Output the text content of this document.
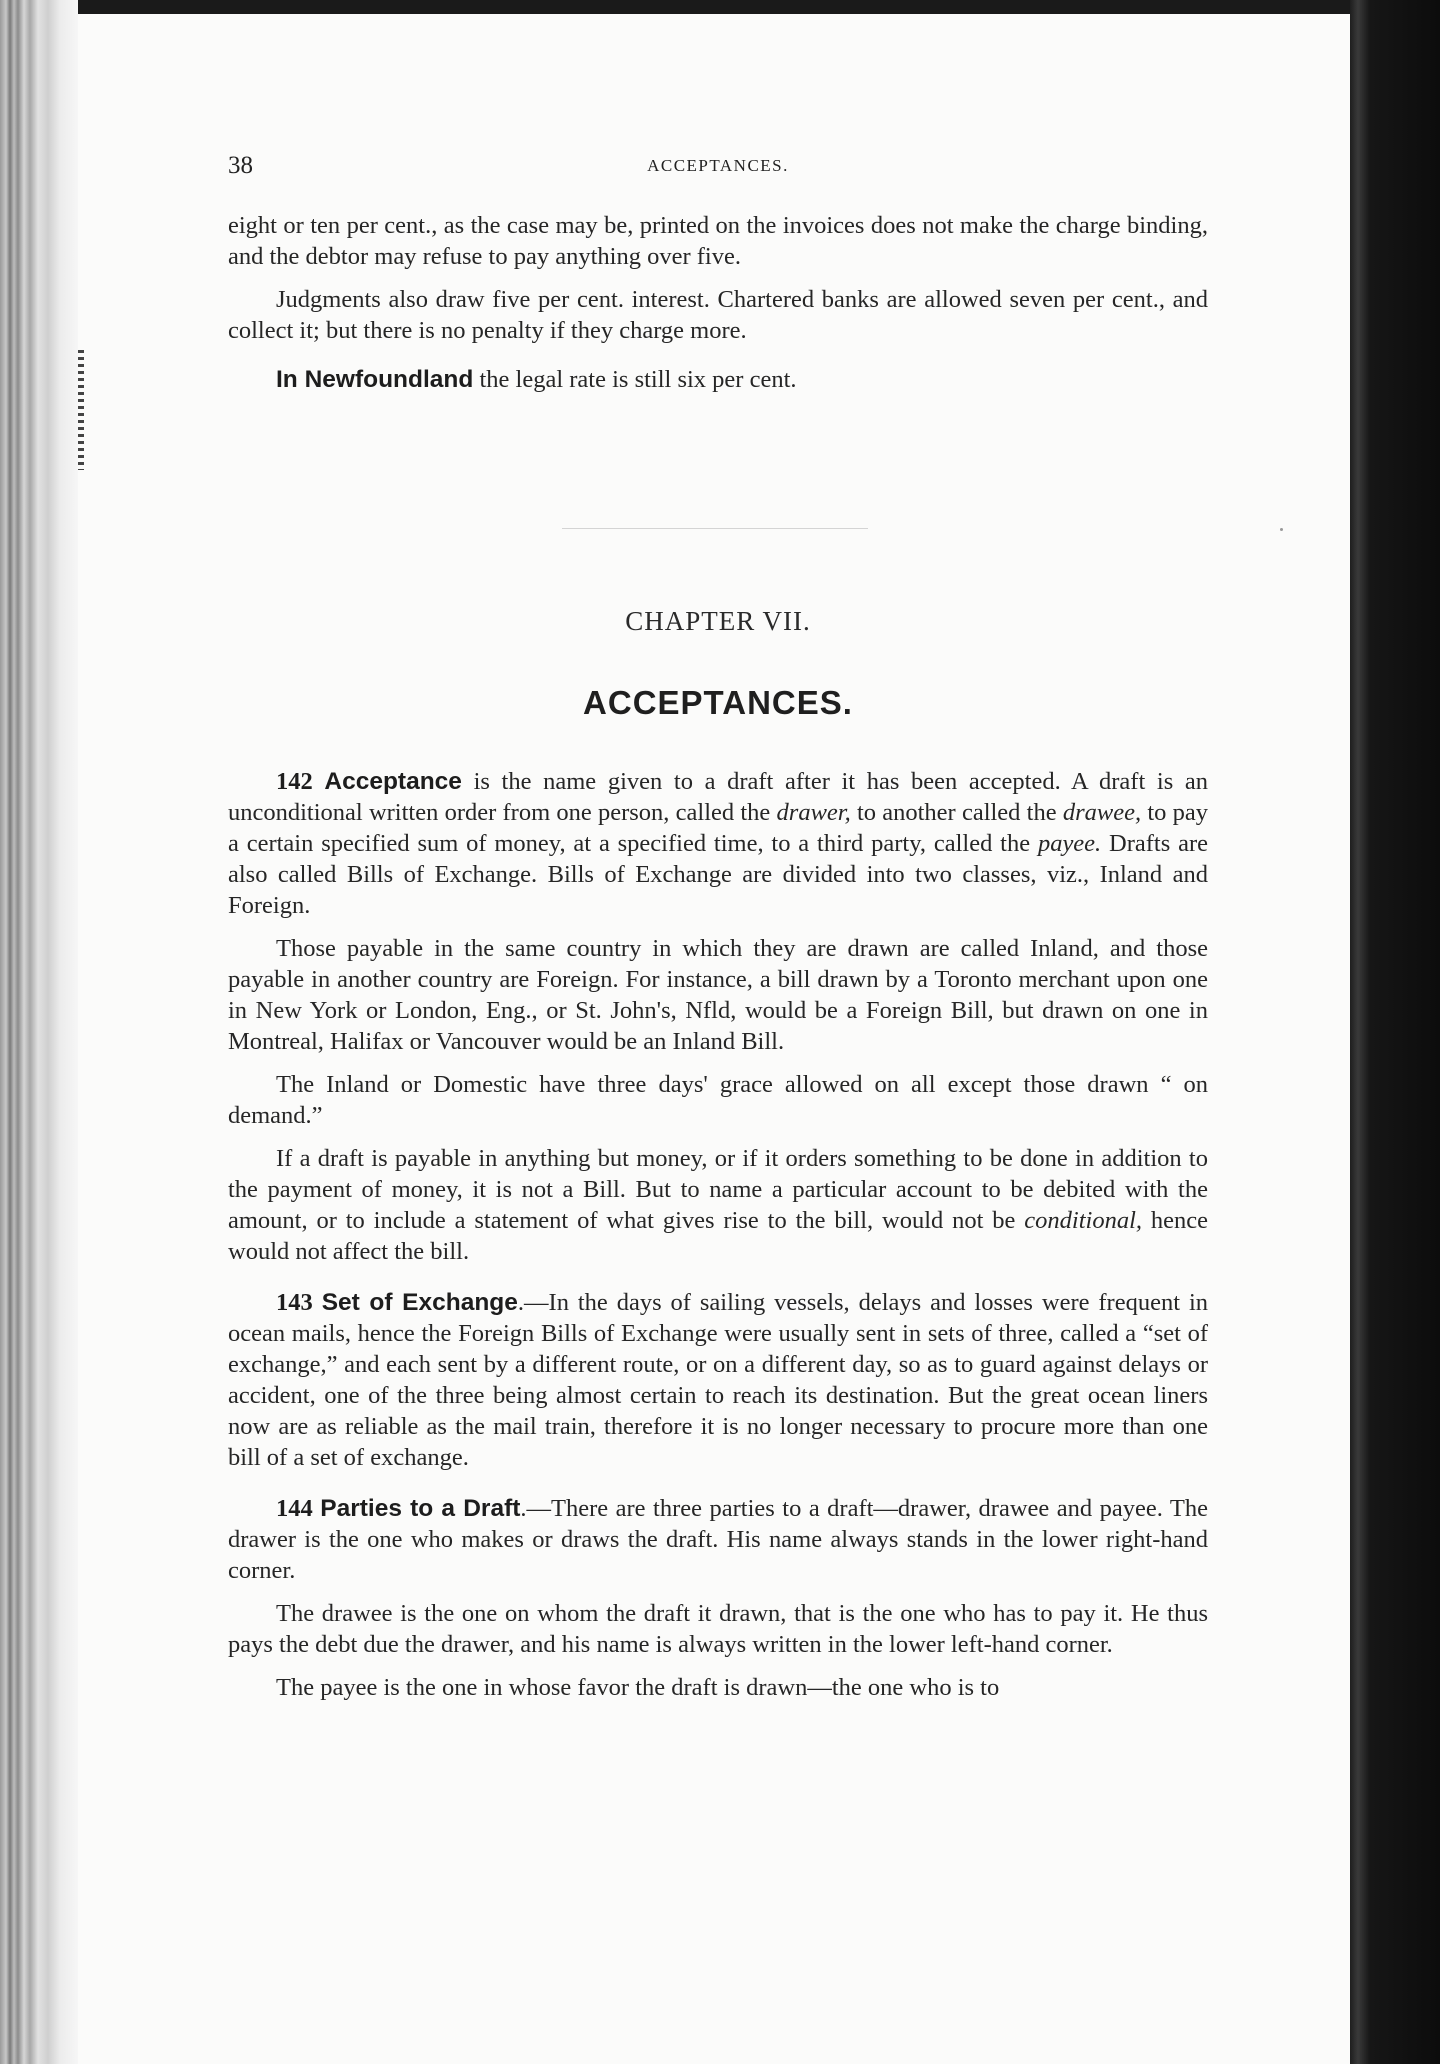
38	ACCEPTANCES.

eight or ten per cent., as the case may be, printed on the invoices does not make the charge binding, and the debtor may refuse to pay anything over five.

Judgments also draw five per cent. interest. Chartered banks are allowed seven per cent., and collect it; but there is no penalty if they charge more.

In Newfoundland the legal rate is still six per cent.

CHAPTER VII.
ACCEPTANCES.

142 Acceptance is the name given to a draft after it has been accepted. A draft is an unconditional written order from one person, called the drawer, to another called the drawee, to pay a certain specified sum of money, at a specified time, to a third party, called the payee. Drafts are also called Bills of Exchange. Bills of Exchange are divided into two classes, viz., Inland and Foreign.

Those payable in the same country in which they are drawn are called Inland, and those payable in another country are Foreign. For instance, a bill drawn by a Toronto merchant upon one in New York or London, Eng., or St. John's, Nfld, would be a Foreign Bill, but drawn on one in Montreal, Halifax or Vancouver would be an Inland Bill.

The Inland or Domestic have three days' grace allowed on all except those drawn “ on demand.”

If a draft is payable in anything but money, or if it orders something to be done in addition to the payment of money, it is not a Bill. But to name a particular account to be debited with the amount, or to include a statement of what gives rise to the bill, would not be conditional, hence would not affect the bill.

143 Set of Exchange.—In the days of sailing vessels, delays and losses were frequent in ocean mails, hence the Foreign Bills of Exchange were usually sent in sets of three, called a “set of exchange,” and each sent by a different route, or on a different day, so as to guard against delays or accident, one of the three being almost certain to reach its destination. But the great ocean liners now are as reliable as the mail train, therefore it is no longer necessary to procure more than one bill of a set of exchange.

144 Parties to a Draft.—There are three parties to a draft—drawer, drawee and payee. The drawer is the one who makes or draws the draft. His name always stands in the lower right-hand corner.

The drawee is the one on whom the draft it drawn, that is the one who has to pay it. He thus pays the debt due the drawer, and his name is always written in the lower left-hand corner.

The payee is the one in whose favor the draft is drawn—the one who is to
